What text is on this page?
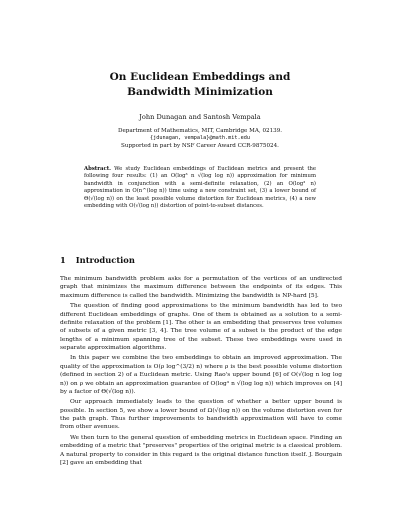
On Euclidean Embeddings and
Bandwidth Minimization
John Dunagan and Santosh Vempala
Department of Mathematics, MIT, Cambridge MA, 02139.
{jdunagan, vempala}@math.mit.edu
Supported in part by NSF Career Award CCR-9875024.
Abstract. We study Euclidean embeddings of Euclidean metrics and present the following four results: (1) an O(log³ n √(log log n)) approximation for minimum bandwidth in conjunction with a semi-definite relaxation, (2) an O(log³ n) approximation in O(n^(log n)) time using a new constraint set, (3) a lower bound of Θ(√(log n)) on the least possible volume distortion for Euclidean metrics, (4) a new embedding with O(√(log n)) distortion of point-to-subset distances.
1 Introduction

The minimum bandwidth problem asks for a permutation of the vertices of an undirected graph that minimizes the maximum difference between the endpoints of its edges. This maximum difference is called the bandwidth. Minimizing the bandwidth is NP-hard [5].

The question of finding good approximations to the minimum bandwidth has led to two different Euclidean embeddings of graphs. One of them is obtained as a solution to a semi-definite relaxation of the problem [1]. The other is an embedding that preserves tree volumes of subsets of a given metric [3, 4]. The tree volume of a subset is the product of the edge lengths of a minimum spanning tree of the subset. These two embeddings were used in separate approximation algorithms.

In this paper we combine the two embeddings to obtain an improved approximation. The quality of the approximation is O(ρ log^(3/2) n) where ρ is the best possible volume distortion (defined in section 2) of a Euclidean metric. Using Rao's upper bound [6] of O(√(log n log log n)) on ρ we obtain an approximation guarantee of O(log³ n √(log log n)) which improves on [4] by a factor of Θ(√(log n)).

Our approach immediately leads to the question of whether a better upper bound is possible. In section 5, we show a lower bound of Ω(√(log n)) on the volume distortion even for the path graph. Thus further improvements to bandwidth approximation will have to come from other avenues.

We then turn to the general question of embedding metrics in Euclidean space. Finding an embedding of a metric that "preserves" properties of the original metric is a classical problem. A natural property to consider in this regard is the original distance function itself. J. Bourgain [2] gave an embedding that
